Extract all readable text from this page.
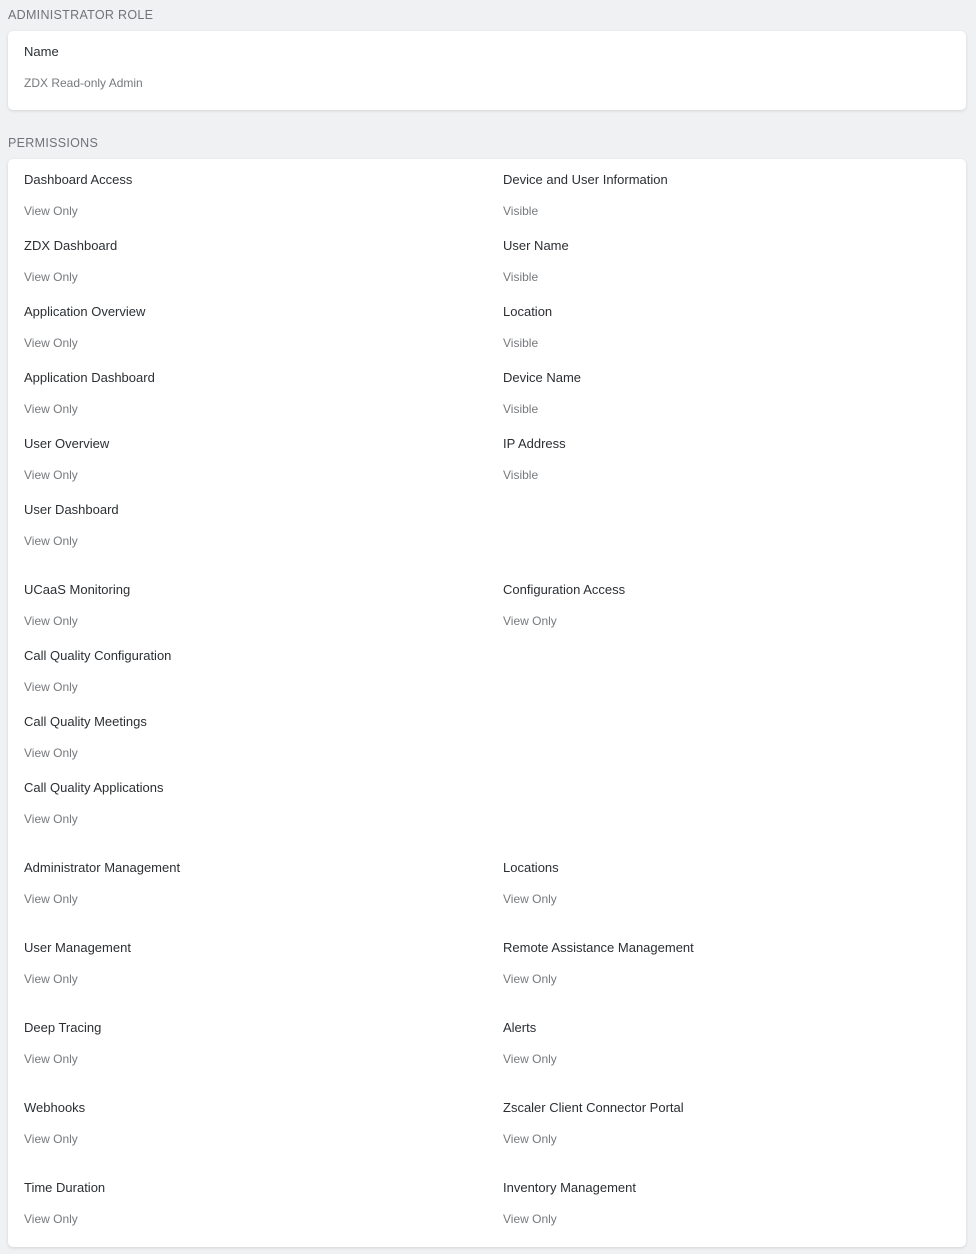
ADMINISTRATOR ROLE
Name
ZDX Read-only Admin
PERMISSIONS
Dashboard Access
View Only
ZDX Dashboard
View Only
Application Overview
View Only
Application Dashboard
View Only
User Overview
View Only
User Dashboard
View Only
UCaaS Monitoring
View Only
Call Quality Configuration
View Only
Call Quality Meetings
View Only
Call Quality Applications
View Only
Administrator Management
View Only
User Management
View Only
Deep Tracing
View Only
Webhooks
View Only
Time Duration
View Only
Device and User Information
Visible
User Name
Visible
Location
Visible
Device Name
Visible
IP Address
Visible
Configuration Access
View Only
Locations
View Only
Remote Assistance Management
View Only
Alerts
View Only
Zscaler Client Connector Portal
View Only
Inventory Management
View Only
